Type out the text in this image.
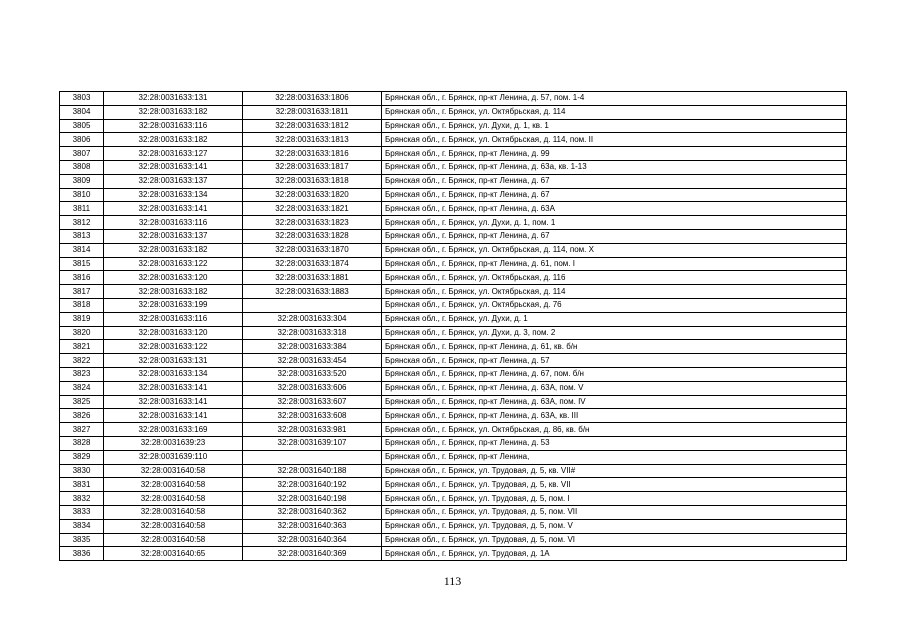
3803	32:28:0031633:131	32:28:0031633:1806	Брянская обл., г. Брянск, пр-кт Ленина, д. 57, пом. 1-4
3804	32:28:0031633:182	32:28:0031633:1811	Брянская обл., г. Брянск, ул. Октябрьская, д. 114
3805	32:28:0031633:116	32:28:0031633:1812	Брянская обл., г. Брянск, ул. Духи, д. 1, кв. 1
3806	32:28:0031633:182	32:28:0031633:1813	Брянская обл., г. Брянск, ул. Октябрьская, д. 114, пом. II
3807	32:28:0031633:127	32:28:0031633:1816	Брянская обл., г. Брянск, пр-кт Ленина, д. 99
3808	32:28:0031633:141	32:28:0031633:1817	Брянская обл., г. Брянск, пр-кт Ленина, д. 63а, кв. 1-13
3809	32:28:0031633:137	32:28:0031633:1818	Брянская обл., г. Брянск, пр-кт Ленина, д. 67
3810	32:28:0031633:134	32:28:0031633:1820	Брянская обл., г. Брянск, пр-кт Ленина, д. 67
3811	32:28:0031633:141	32:28:0031633:1821	Брянская обл., г. Брянск, пр-кт Ленина, д. 63А
3812	32:28:0031633:116	32:28:0031633:1823	Брянская обл., г. Брянск, ул. Духи, д. 1, пом. 1
3813	32:28:0031633:137	32:28:0031633:1828	Брянская обл., г. Брянск, пр-кт Ленина, д. 67
3814	32:28:0031633:182	32:28:0031633:1870	Брянская обл., г. Брянск, ул. Октябрьская, д. 114, пом. X
3815	32:28:0031633:122	32:28:0031633:1874	Брянская обл., г. Брянск, пр-кт Ленина, д. 61, пом. I
3816	32:28:0031633:120	32:28:0031633:1881	Брянская обл., г. Брянск, ул. Октябрьская, д. 116
3817	32:28:0031633:182	32:28:0031633:1883	Брянская обл., г. Брянск, ул. Октябрьская, д. 114
3818	32:28:0031633:199		Брянская обл., г. Брянск, ул. Октябрьская, д. 76
3819	32:28:0031633:116	32:28:0031633:304	Брянская обл., г. Брянск, ул. Духи, д. 1
3820	32:28:0031633:120	32:28:0031633:318	Брянская обл., г. Брянск, ул. Духи, д. 3, пом. 2
3821	32:28:0031633:122	32:28:0031633:384	Брянская обл., г. Брянск, пр-кт Ленина, д. 61, кв. б/н
3822	32:28:0031633:131	32:28:0031633:454	Брянская обл., г. Брянск, пр-кт Ленина, д. 57
3823	32:28:0031633:134	32:28:0031633:520	Брянская обл., г. Брянск, пр-кт Ленина, д. 67, пом. б/н
3824	32:28:0031633:141	32:28:0031633:606	Брянская обл., г. Брянск, пр-кт Ленина, д. 63А, пом. V
3825	32:28:0031633:141	32:28:0031633:607	Брянская обл., г. Брянск, пр-кт Ленина, д. 63А, пом. IV
3826	32:28:0031633:141	32:28:0031633:608	Брянская обл., г. Брянск, пр-кт Ленина, д. 63А, кв. III
3827	32:28:0031633:169	32:28:0031633:981	Брянская обл., г. Брянск, ул. Октябрьская, д. 86, кв. б/н
3828	32:28:0031639:23	32:28:0031639:107	Брянская обл., г. Брянск, пр-кт Ленина, д. 53
3829	32:28:0031639:110		Брянская обл., г. Брянск, пр-кт Ленина,
3830	32:28:0031640:58	32:28:0031640:188	Брянская обл., г. Брянск, ул. Трудовая, д. 5, кв. VII#
3831	32:28:0031640:58	32:28:0031640:192	Брянская обл., г. Брянск, ул. Трудовая, д. 5, кв. VII
3832	32:28:0031640:58	32:28:0031640:198	Брянская обл., г. Брянск, ул. Трудовая, д. 5, пом. I
3833	32:28:0031640:58	32:28:0031640:362	Брянская обл., г. Брянск, ул. Трудовая, д. 5, пом. VII
3834	32:28:0031640:58	32:28:0031640:363	Брянская обл., г. Брянск, ул. Трудовая, д. 5, пом. V
3835	32:28:0031640:58	32:28:0031640:364	Брянская обл., г. Брянск, ул. Трудовая, д. 5, пом. VI
3836	32:28:0031640:65	32:28:0031640:369	Брянская обл., г. Брянск, ул. Трудовая, д. 1А
113
